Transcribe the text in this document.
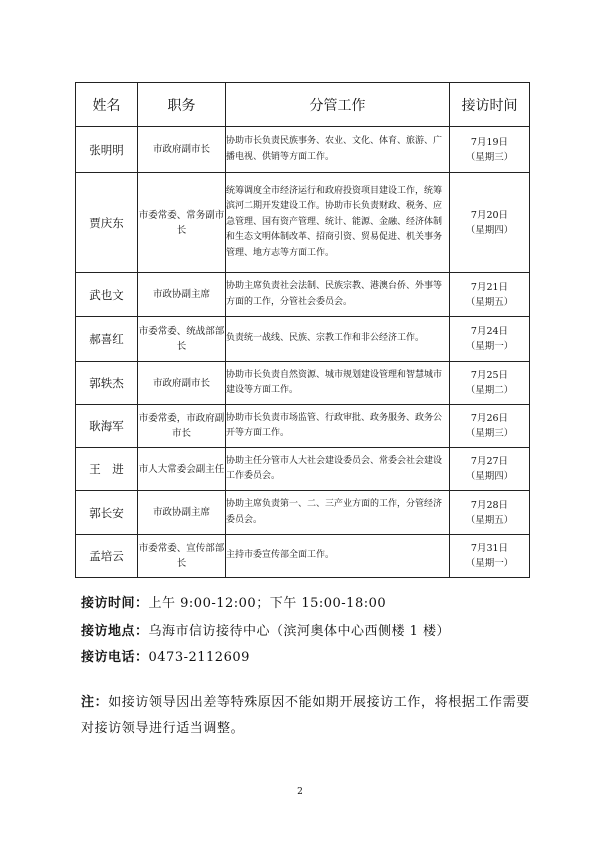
姓名	职务	分管工作	接访时间
张明明	市政府副市长	协助市长负责民族事务、农业、文化、体育、旅游、广播电视、供销等方面工作。	7月19日
（星期三）

贾庆东	市委常委、常务副市长	统筹调度全市经济运行和政府投资项目建设工作，统筹滨河二期开发建设工作。协助市长负责财政、税务、应急管理、国有资产管理、统计、能源、金融、经济体制和生态文明体制改革、招商引资、贸易促进、机关事务管理、地方志等方面工作。	7月20日
（星期四）

武也文	市政协副主席	协助主席负责社会法制、民族宗教、港澳台侨、外事等方面的工作，分管社会委员会。	7月21日
（星期五）

郝喜红	市委常委、统战部部长	负责统一战线、民族、宗教工作和非公经济工作。	7月24日
（星期一）

郭轶杰	市政府副市长	协助市长负责自然资源、城市规划建设管理和智慧城市建设等方面工作。	7月25日
（星期二）

耿海军	市委常委，市政府副市长	协助市长负责市场监管、行政审批、政务服务、政务公开等方面工作。	7月26日
（星期三）

王　进	市人大常委会副主任	协助主任分管市人大社会建设委员会、常委会社会建设工作委员会。	7月27日
（星期四）

郭长安	市政协副主席	协助主席负责第一、二、三产业方面的工作，分管经济委员会。	7月28日
（星期五）

孟培云	市委常委、宣传部部长	主持市委宣传部全面工作。	7月31日
（星期一）
接访时间：上午 9:00-12:00；下午 15:00-18:00
接访地点：乌海市信访接待中心（滨河奥体中心西侧楼 1 楼）
接访电话：0473-2112609
注：如接访领导因出差等特殊原因不能如期开展接访工作，将根据工作需要对接访领导进行适当调整。
2
